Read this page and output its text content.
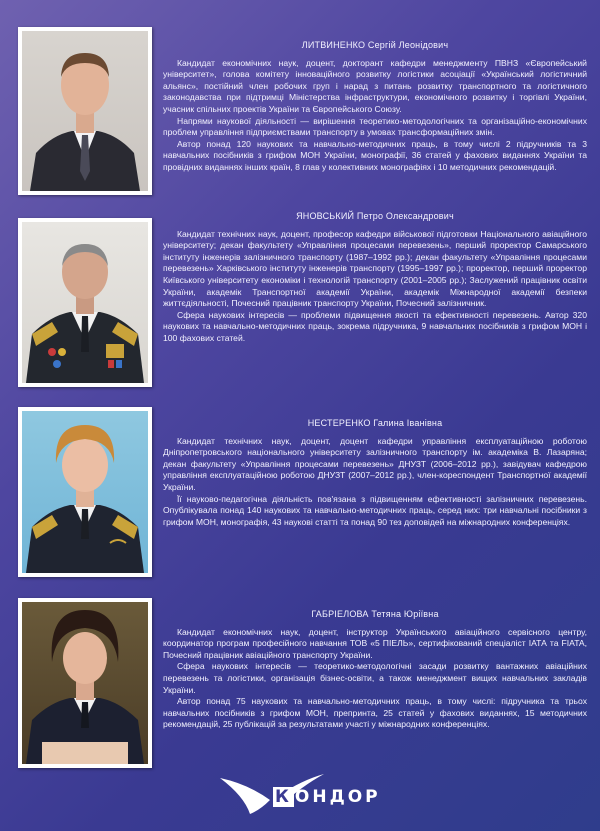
ЛИТВИНЕНКО Сергій Леонідович

Кандидат економічних наук, доцент, докторант кафедри менеджменту ПВНЗ «Європейський університет», голова комітету інноваційного розвитку логістики асоціації «Український логістичний альянс», постійний член робочих груп і нарад з питань розвитку транспортного та логістичного законодавства при підтримці Міністерства інфраструктури, економічного розвитку і торгівлі України, учасник спільних проектів України та Європейського Союзу.

Напрями наукової діяльності — вирішення теоретико-методологічних та організаційно-економічних проблем управління підприємствами транспорту в умовах трансформаційних змін.

Автор понад 120 наукових та навчально-методичних праць, в тому числі 2 підручників та 3 навчальних посібників з грифом МОН України, монографії, 36 статей у фахових виданнях України та провідних виданнях інших країн, 8 глав у колективних монографіях і 10 методичних рекомендацій.

ЯНОВСЬКИЙ Петро Олександрович

Кандидат технічних наук, доцент, професор кафедри військової підготовки Національного авіаційного університету; декан факультету «Управління процесами перевезень», перший проректор Самарського інституту інженерів залізничного транспорту (1987–1992 рр.); декан факультету «Управління процесами перевезень» Харківського інституту інженерів транспорту (1995–1997 рр.); проректор, перший проректор Київського університету економіки і технологій транспорту (2001–2005 рр.); Заслужений працівник освіти України, академік Транспортної академії України, академік Міжнародної академії безпеки життєдіяльності, Почесний працівник транспорту України, Почесний залізничник.

Сфера наукових інтересів — проблеми підвищення якості та ефективності перевезень. Автор 320 наукових та навчально-методичних праць, зокрема підручника, 9 навчальних посібників з грифом МОН і 100 фахових статей.

НЕСТЕРЕНКО Галина Іванівна

Кандидат технічних наук, доцент, доцент кафедри управління експлуатаційною роботою Дніпропетровського національного університету залізничного транспорту ім. академіка В. Лазаряна; декан факультету «Управління процесами перевезень» ДНУЗТ (2006–2012 рр.), завідувач кафедрою управління експлуатаційною роботою ДНУЗТ (2007–2012 рр.), член-кореспондент Транспортної академії України.

Її науково-педагогічна діяльність пов'язана з підвищенням ефективності залізничних перевезень. Опублікувала понад 140 наукових та навчально-методичних праць, серед них: три навчальні посібники з грифом МОН, монографія, 43 наукові статті та понад 90 тез доповідей на міжнародних конференціях.

ГАБРІЕЛОВА Тетяна Юріївна

Кандидат економічних наук, доцент, інструктор Українського авіаційного сервісного центру, координатор програм професійного навчання ТОВ «5 ПІЕЛЬ», сертифікований спеціаліст ІАТА та FIATA, Почесний працівник авіаційного транспорту України.

Сфера наукових інтересів — теоретико-методологічні засади розвитку вантажних авіаційних перевезень та логістики, організація бізнес-освіти, а також менеджмент вищих навчальних закладів України.

Автор понад 75 наукових та навчально-методичних праць, в тому числі: підручника та трьох навчальних посібників з грифом МОН, препринта, 25 статей у фахових виданнях, 15 методичних рекомендацій, 25 публікацій за результатами участі у міжнародних конференціях.

К ОНДОР
